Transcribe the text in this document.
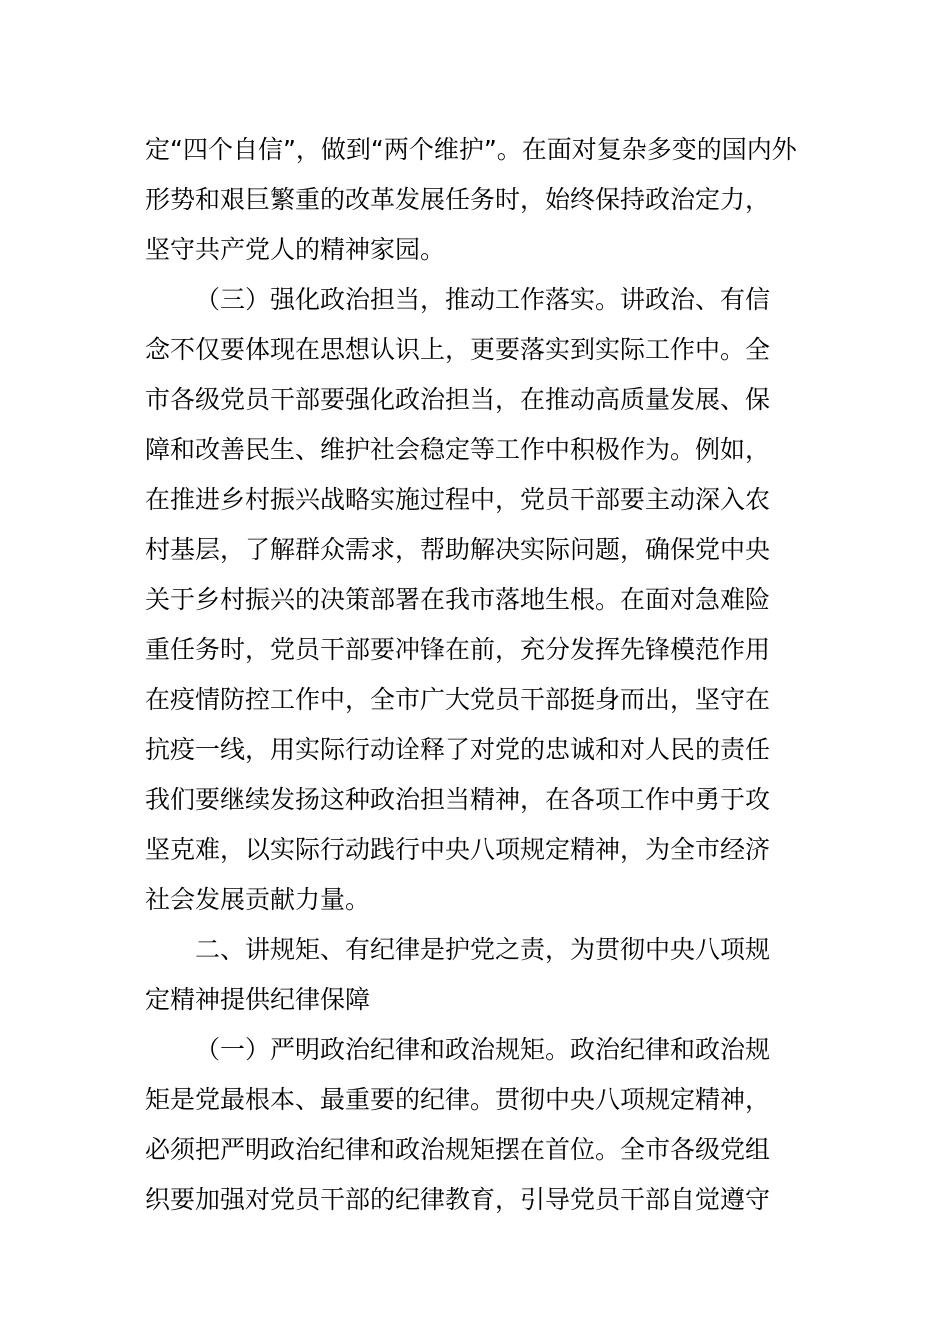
定“四个自信”，做到“两个维护”。在面对复杂多变的国内外
形势和艰巨繁重的改革发展任务时，始终保持政治定力，
坚守共产党人的精神家园。
（三）强化政治担当，推动工作落实。讲政治、有信
念不仅要体现在思想认识上，更要落实到实际工作中。全
市各级党员干部要强化政治担当，在推动高质量发展、保
障和改善民生、维护社会稳定等工作中积极作为。例如，
在推进乡村振兴战略实施过程中，党员干部要主动深入农
村基层，了解群众需求，帮助解决实际问题，确保党中央
关于乡村振兴的决策部署在我市落地生根。在面对急难险
重任务时，党员干部要冲锋在前，充分发挥先锋模范作用
在疫情防控工作中，全市广大党员干部挺身而出，坚守在
抗疫一线，用实际行动诠释了对党的忠诚和对人民的责任
我们要继续发扬这种政治担当精神，在各项工作中勇于攻
坚克难，以实际行动践行中央八项规定精神，为全市经济
社会发展贡献力量。
二、讲规矩、有纪律是护党之责，为贯彻中央八项规
定精神提供纪律保障
（一）严明政治纪律和政治规矩。政治纪律和政治规
矩是党最根本、最重要的纪律。贯彻中央八项规定精神，
必须把严明政治纪律和政治规矩摆在首位。全市各级党组
织要加强对党员干部的纪律教育，引导党员干部自觉遵守
